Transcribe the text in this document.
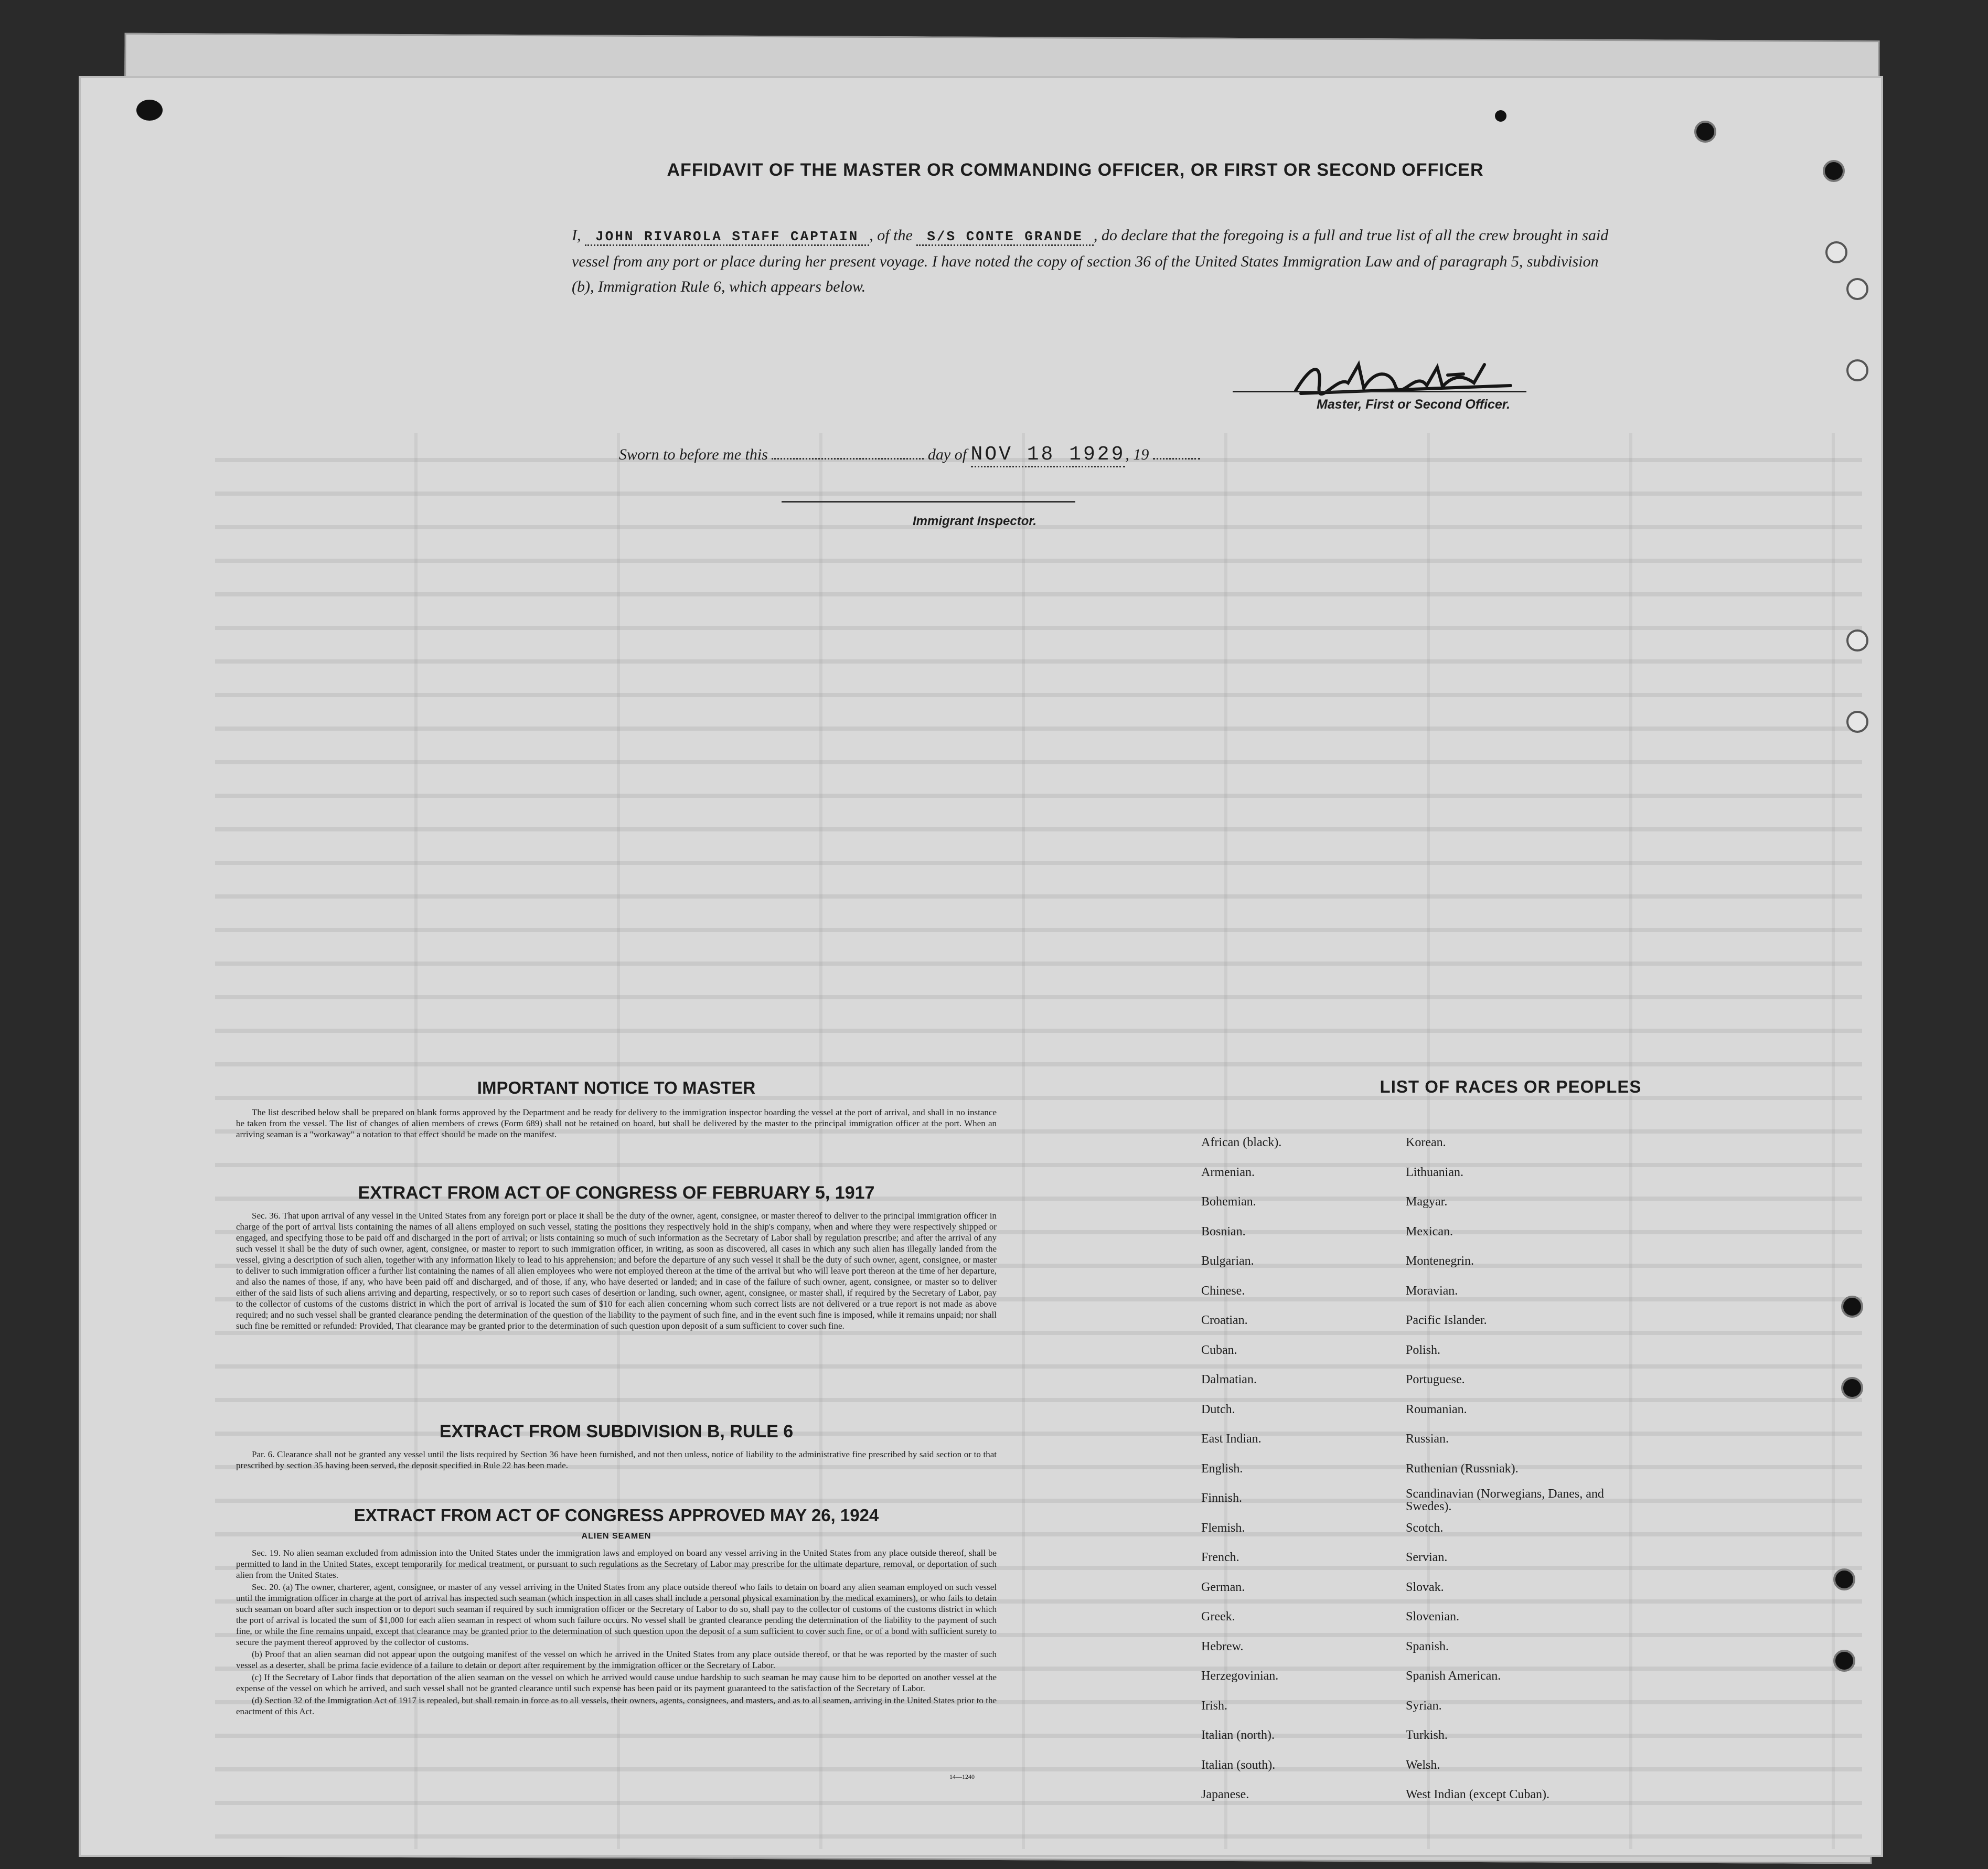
AFFIDAVIT OF THE MASTER OR COMMANDING OFFICER, OR FIRST OR SECOND OFFICER
I, JOHN RIVAROLA STAFF CAPTAIN , of the S/S CONTE GRANDE , do declare that the foregoing is a full and true list of all the crew brought in said vessel from any port or place during her present voyage. I have noted the copy of section 36 of the United States Immigration Law and of paragraph 5, subdivision (b), Immigration Rule 6, which appears below.
Master, First or Second Officer.
Sworn to before me this	day of NOV 18 1929, 19
Immigrant Inspector.
IMPORTANT NOTICE TO MASTER

The list described below shall be prepared on blank forms approved by the Department and be ready for delivery to the immigration inspector boarding the vessel at the port of arrival, and shall in no instance be taken from the vessel. The list of changes of alien members of crews (Form 689) shall not be retained on board, but shall be delivered by the master to the principal immigration officer at the port. When an arriving seaman is a "workaway" a notation to that effect should be made on the manifest.

EXTRACT FROM ACT OF CONGRESS OF FEBRUARY 5, 1917

Sec. 36. That upon arrival of any vessel in the United States from any foreign port or place it shall be the duty of the owner, agent, consignee, or master thereof to deliver to the principal immigration officer in charge of the port of arrival lists containing the names of all aliens employed on such vessel, stating the positions they respectively hold in the ship's company, when and where they were respectively shipped or engaged, and specifying those to be paid off and discharged in the port of arrival; or lists containing so much of such information as the Secretary of Labor shall by regulation prescribe; and after the arrival of any such vessel it shall be the duty of such owner, agent, consignee, or master to report to such immigration officer, in writing, as soon as discovered, all cases in which any such alien has illegally landed from the vessel, giving a description of such alien, together with any information likely to lead to his apprehension; and before the departure of any such vessel it shall be the duty of such owner, agent, consignee, or master to deliver to such immigration officer a further list containing the names of all alien employees who were not employed thereon at the time of the arrival but who will leave port thereon at the time of her departure, and also the names of those, if any, who have been paid off and discharged, and of those, if any, who have deserted or landed; and in case of the failure of such owner, agent, consignee, or master so to deliver either of the said lists of such aliens arriving and departing, respectively, or so to report such cases of desertion or landing, such owner, agent, consignee, or master shall, if required by the Secretary of Labor, pay to the collector of customs of the customs district in which the port of arrival is located the sum of $10 for each alien concerning whom such correct lists are not delivered or a true report is not made as above required; and no such vessel shall be granted clearance pending the determination of the question of the liability to the payment of such fine, and in the event such fine is imposed, while it remains unpaid; nor shall such fine be remitted or refunded: Provided, That clearance may be granted prior to the determination of such question upon deposit of a sum sufficient to cover such fine.

EXTRACT FROM SUBDIVISION B, RULE 6

Par. 6. Clearance shall not be granted any vessel until the lists required by Section 36 have been furnished, and not then unless, notice of liability to the administrative fine prescribed by said section or to that prescribed by section 35 having been served, the deposit specified in Rule 22 has been made.

EXTRACT FROM ACT OF CONGRESS APPROVED MAY 26, 1924
ALIEN SEAMEN

Sec. 19. No alien seaman excluded from admission into the United States under the immigration laws and employed on board any vessel arriving in the United States from any place outside thereof, shall be permitted to land in the United States, except temporarily for medical treatment, or pursuant to such regulations as the Secretary of Labor may prescribe for the ultimate departure, removal, or deportation of such alien from the United States.

Sec. 20. (a) The owner, charterer, agent, consignee, or master of any vessel arriving in the United States from any place outside thereof who fails to detain on board any alien seaman employed on such vessel until the immigration officer in charge at the port of arrival has inspected such seaman (which inspection in all cases shall include a personal physical examination by the medical examiners), or who fails to detain such seaman on board after such inspection or to deport such seaman if required by such immigration officer or the Secretary of Labor to do so, shall pay to the collector of customs of the customs district in which the port of arrival is located the sum of $1,000 for each alien seaman in respect of whom such failure occurs. No vessel shall be granted clearance pending the determination of the liability to the payment of such fine, or while the fine remains unpaid, except that clearance may be granted prior to the determination of such question upon the deposit of a sum sufficient to cover such fine, or of a bond with sufficient surety to secure the payment thereof approved by the collector of customs.

(b) Proof that an alien seaman did not appear upon the outgoing manifest of the vessel on which he arrived in the United States from any place outside thereof, or that he was reported by the master of such vessel as a deserter, shall be prima facie evidence of a failure to detain or deport after requirement by the immigration officer or the Secretary of Labor.

(c) If the Secretary of Labor finds that deportation of the alien seaman on the vessel on which he arrived would cause undue hardship to such seaman he may cause him to be deported on another vessel at the expense of the vessel on which he arrived, and such vessel shall not be granted clearance until such expense has been paid or its payment guaranteed to the satisfaction of the Secretary of Labor.

(d) Section 32 of the Immigration Act of 1917 is repealed, but shall remain in force as to all vessels, their owners, agents, consignees, and masters, and as to all seamen, arriving in the United States prior to the enactment of this Act.

14—1240
LIST OF RACES OR PEOPLES
African (black).
Armenian.
Bohemian.
Bosnian.
Bulgarian.
Chinese.
Croatian.
Cuban.
Dalmatian.
Dutch.
East Indian.
English.
Finnish.
Flemish.
French.
German.
Greek.
Hebrew.
Herzegovinian.
Irish.
Italian (north).
Italian (south).
Japanese.
Korean.
Lithuanian.
Magyar.
Mexican.
Montenegrin.
Moravian.
Pacific Islander.
Polish.
Portuguese.
Roumanian.
Russian.
Ruthenian (Russniak).
Scandinavian (Norwegians, Danes, and Swedes).
Scotch.
Servian.
Slovak.
Slovenian.
Spanish.
Spanish American.
Syrian.
Turkish.
Welsh.
West Indian (except Cuban).
